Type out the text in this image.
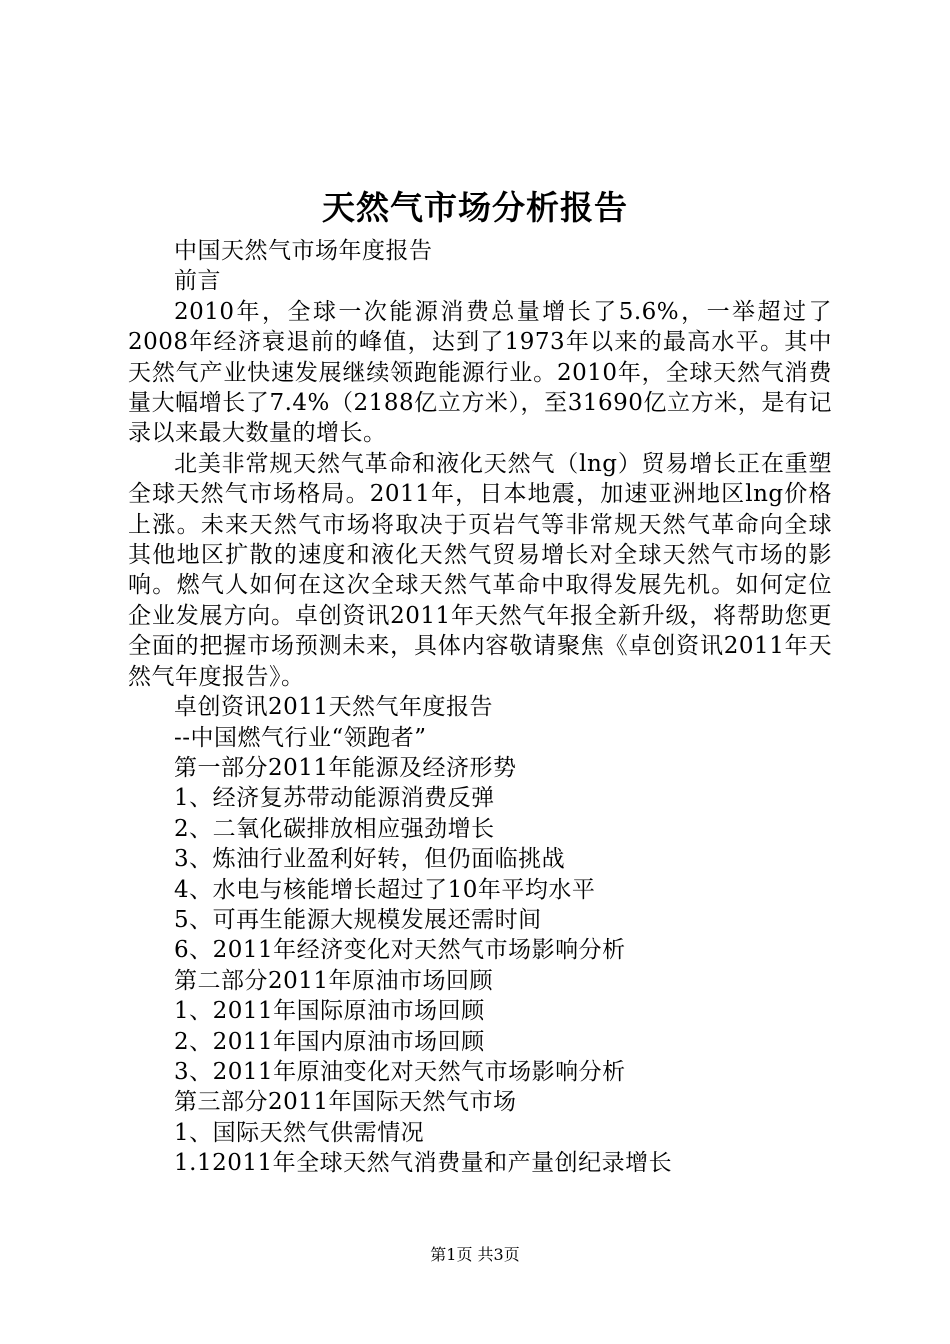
天然气市场分析报告

中国天然气市场年度报告

前言

2010年，全球一次能源消费总量增长了5.6%，一举超过了2008年经济衰退前的峰值，达到了1973年以来的最高水平。其中天然气产业快速发展继续领跑能源行业。2010年，全球天然气消费量大幅增长了7.4%（2188亿立方米），至31690亿立方米，是有记录以来最大数量的增长。

北美非常规天然气革命和液化天然气（lng）贸易增长正在重塑全球天然气市场格局。2011年，日本地震，加速亚洲地区lng价格上涨。未来天然气市场将取决于页岩气等非常规天然气革命向全球其他地区扩散的速度和液化天然气贸易增长对全球天然气市场的影响。燃气人如何在这次全球天然气革命中取得发展先机。如何定位企业发展方向。卓创资讯2011年天然气年报全新升级，将帮助您更全面的把握市场预测未来，具体内容敬请聚焦《卓创资讯2011年天然气年度报告》。

卓创资讯2011天然气年度报告

--中国燃气行业“领跑者”

第一部分2011年能源及经济形势

1、经济复苏带动能源消费反弹

2、二氧化碳排放相应强劲增长

3、炼油行业盈利好转，但仍面临挑战

4、水电与核能增长超过了10年平均水平

5、可再生能源大规模发展还需时间

6、2011年经济变化对天然气市场影响分析

第二部分2011年原油市场回顾

1、2011年国际原油市场回顾

2、2011年国内原油市场回顾

3、2011年原油变化对天然气市场影响分析

第三部分2011年国际天然气市场

1、国际天然气供需情况

1.12011年全球天然气消费量和产量创纪录增长

第1页 共3页
